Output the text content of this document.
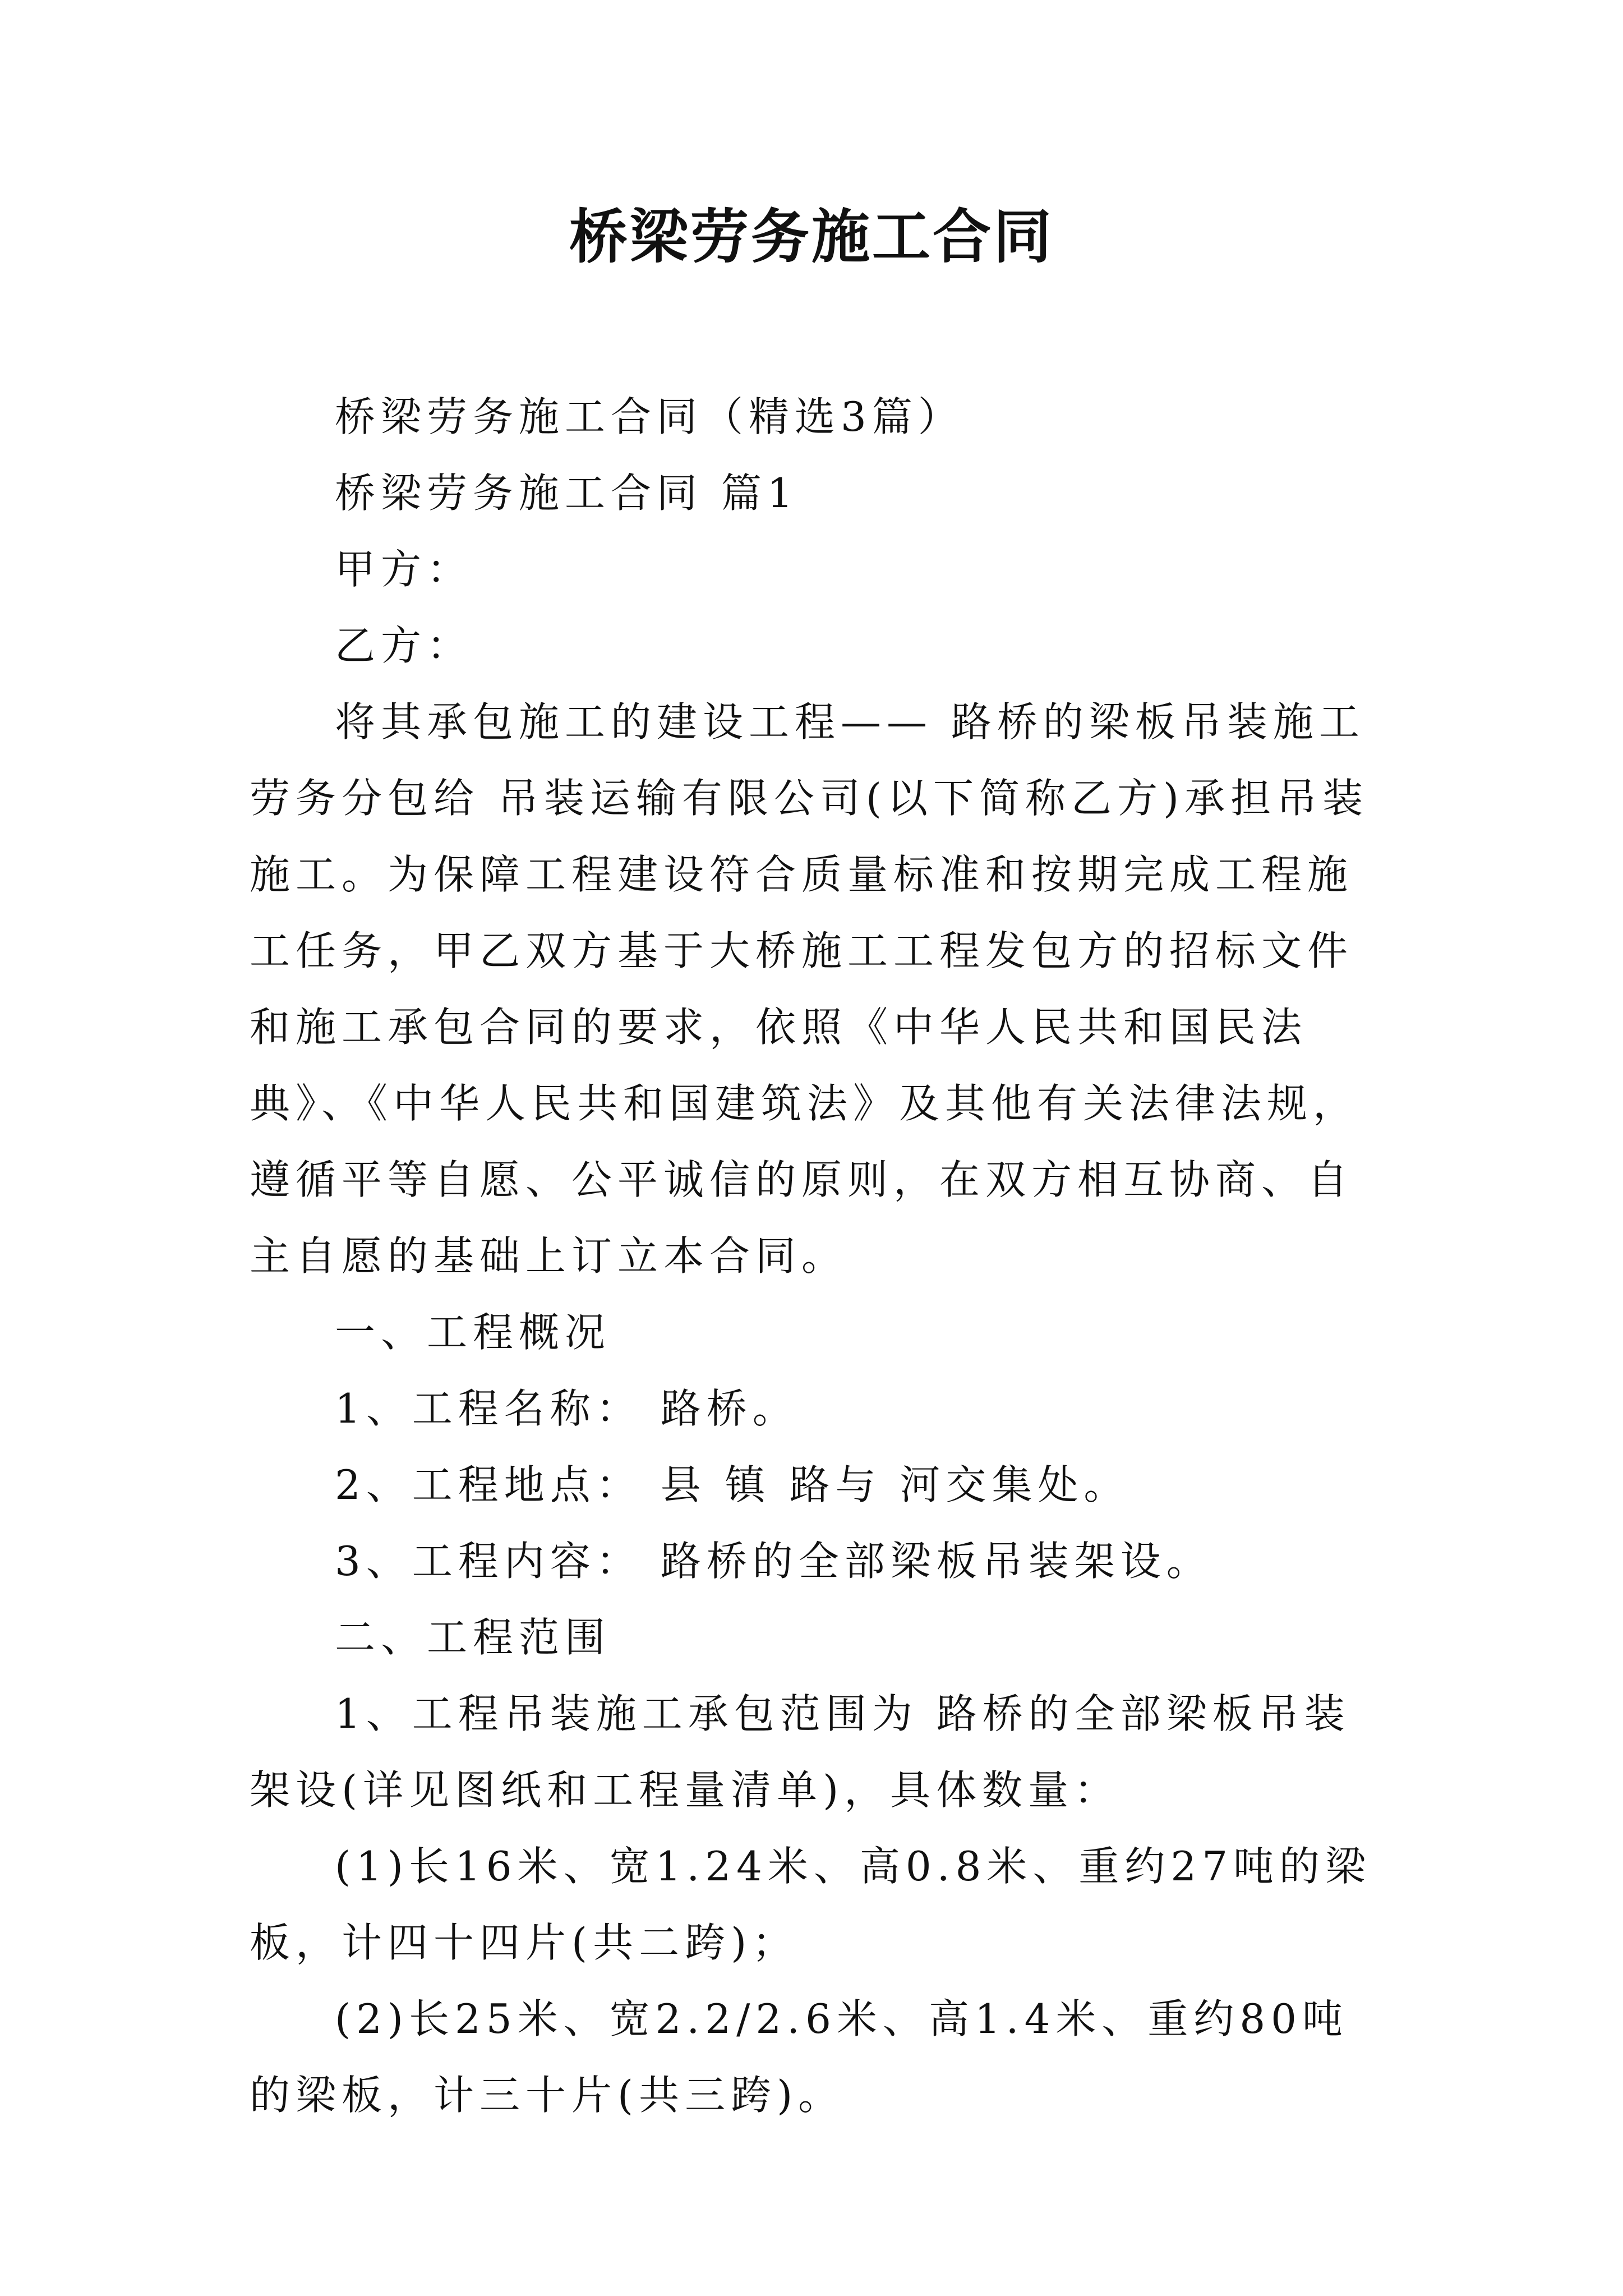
桥梁劳务施工合同

桥梁劳务施工合同（精选3篇）

桥梁劳务施工合同 篇1

甲方：

乙方：

将其承包施工的建设工程—— 路桥的梁板吊装施工劳务分包给 吊装运输有限公司(以下简称乙方)承担吊装施工。为保障工程建设符合质量标准和按期完成工程施工任务，甲乙双方基于大桥施工工程发包方的招标文件和施工承包合同的要求，依照《中华人民共和国民法典》、《中华人民共和国建筑法》及其他有关法律法规，遵循平等自愿、公平诚信的原则，在双方相互协商、自主自愿的基础上订立本合同。

一、工程概况

1、工程名称： 路桥。

2、工程地点： 县 镇 路与 河交集处。

3、工程内容： 路桥的全部梁板吊装架设。

二、工程范围

1、工程吊装施工承包范围为 路桥的全部梁板吊装架设(详见图纸和工程量清单)，具体数量：

(1)长16米、宽1.24米、高0.8米、重约27吨的梁板，计四十四片(共二跨)；

(2)长25米、宽2.2/2.6米、高1.4米、重约80吨的梁板，计三十片(共三跨)。
